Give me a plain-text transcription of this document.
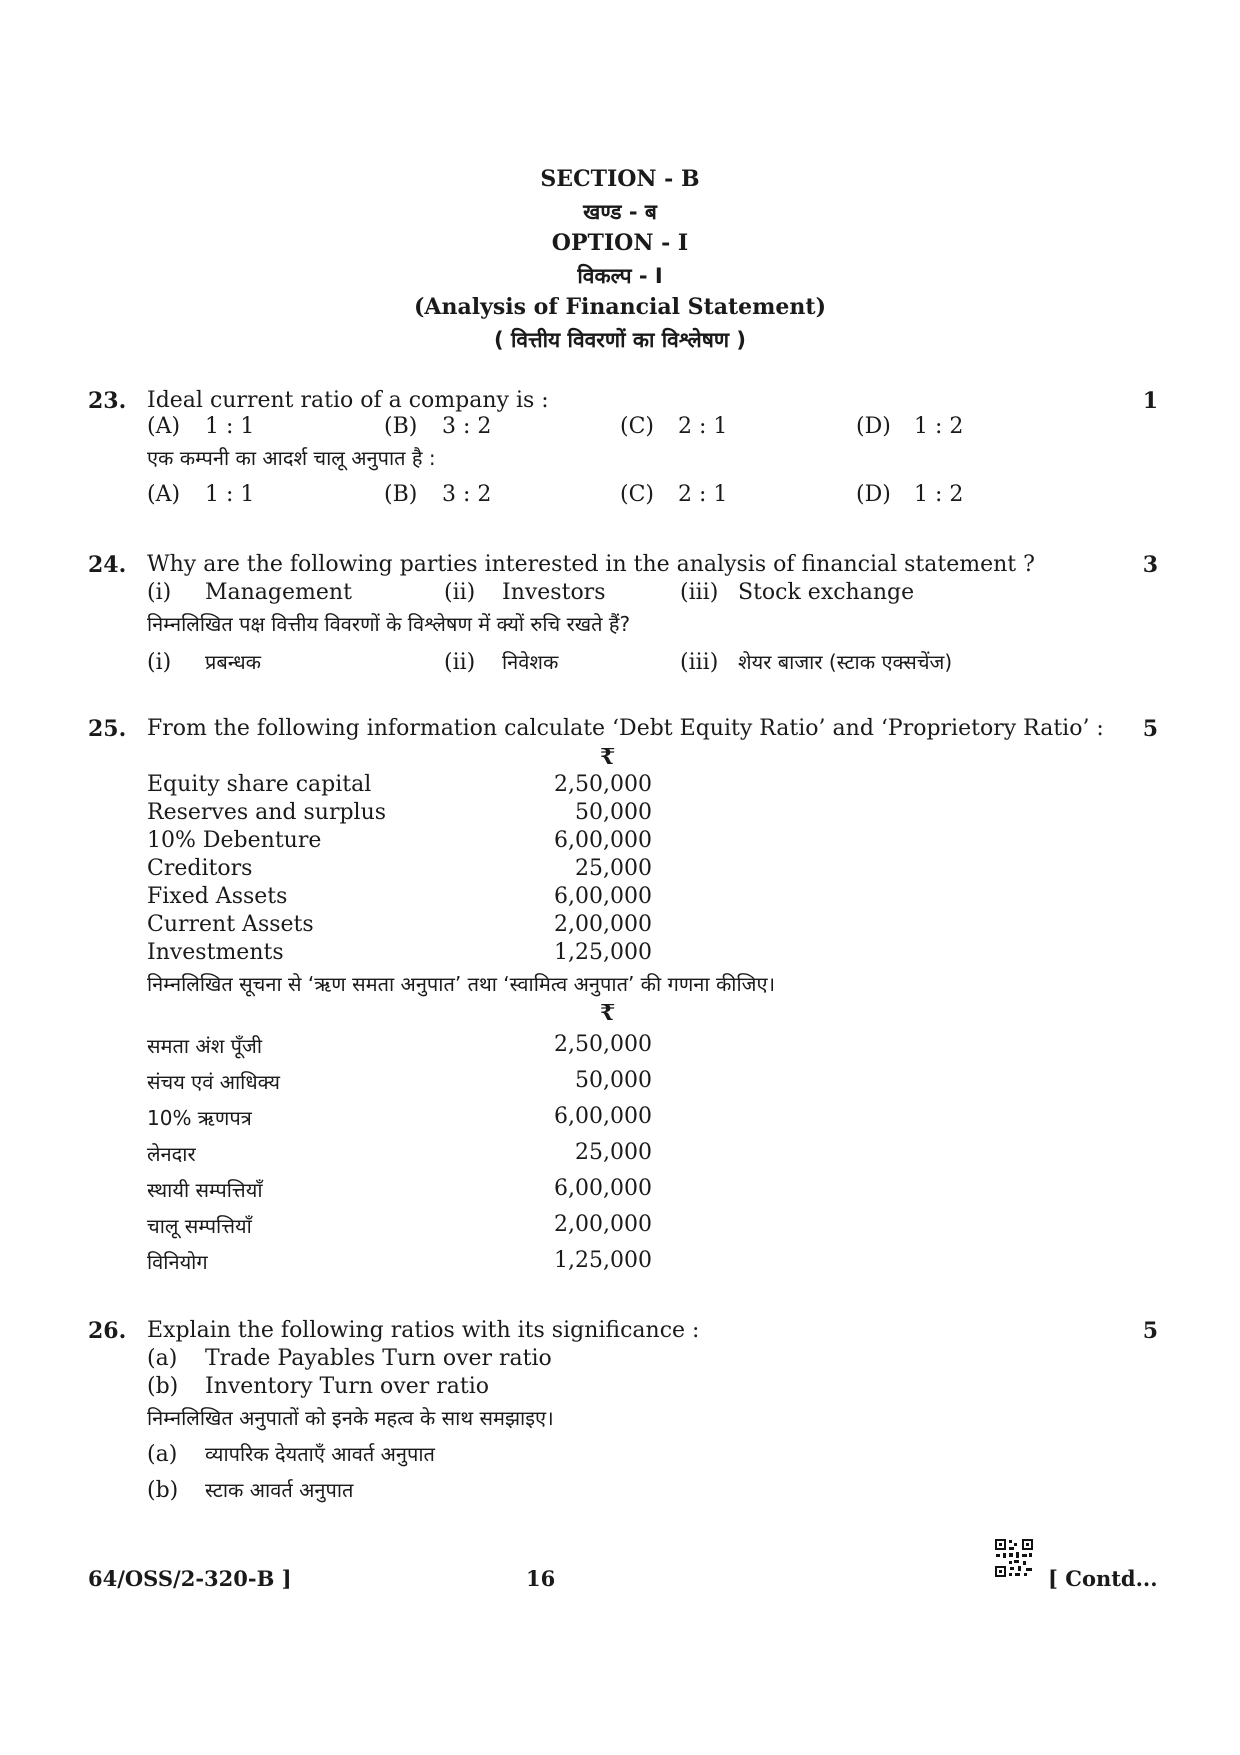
SECTION - B
खण्ड - ब
OPTION - I
विकल्प - I
(Analysis of Financial Statement)
( वित्तीय विवरणों का विश्लेषण )
23.	1
Ideal current ratio of a company is :
(A) 1 : 1	(B) 3 : 2	(C) 2 : 1	(D) 1 : 2
एक कम्पनी का आदर्श चालू अनुपात है :
(A) 1 : 1	(B) 3 : 2	(C) 2 : 1	(D) 1 : 2
24.	3
Why are the following parties interested in the analysis of financial statement ?
(i) Management	(ii) Investors	(iii) Stock exchange
निम्नलिखित पक्ष वित्तीय विवरणों के विश्लेषण में क्यों रुचि रखते हैं?
(i) प्रबन्धक	(ii) निवेशक	(iii) शेयर बाजार (स्टाक एक्सचेंज)
25.	5
From the following information calculate ‘Debt Equity Ratio’ and ‘Proprietory Ratio’ :
₹
Equity share capital	2,50,000
Reserves and surplus	50,000
10% Debenture	6,00,000
Creditors	25,000
Fixed Assets	6,00,000
Current Assets	2,00,000
Investments	1,25,000
निम्नलिखित सूचना से ‘ऋण समता अनुपात’ तथा ‘स्वामित्व अनुपात’ की गणना कीजिए।
₹
समता अंश पूँजी	2,50,000
संचय एवं आधिक्य	50,000
10% ऋणपत्र	6,00,000
लेनदार	25,000
स्थायी सम्पत्तियाँ	6,00,000
चालू सम्पत्तियाँ	2,00,000
विनियोग	1,25,000
26.	5
Explain the following ratios with its significance :
(a) Trade Payables Turn over ratio
(b) Inventory Turn over ratio
निम्नलिखित अनुपातों को इनके महत्व के साथ समझाइए।
(a) व्यापरिक देयताएँ आवर्त अनुपात
(b) स्टाक आवर्त अनुपात
64/OSS/2-320-B ]	16	[ Contd...
